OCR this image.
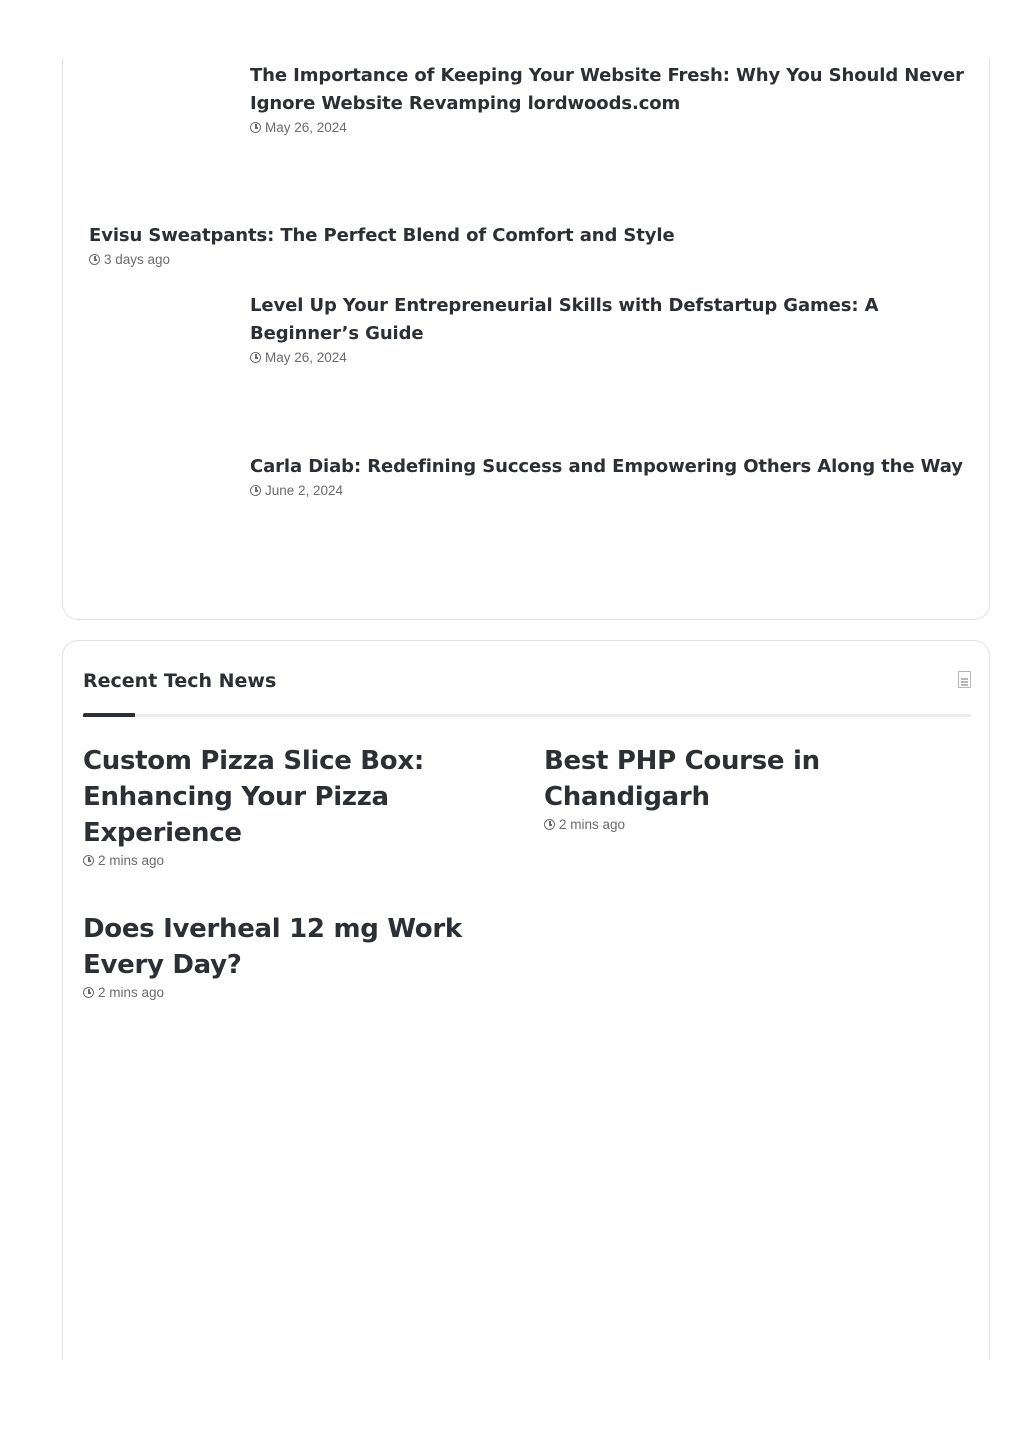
The Importance of Keeping Your Website Fresh: Why You Should Never Ignore Website Revamping lordwoods.com
May 26, 2024
Evisu Sweatpants: The Perfect Blend of Comfort and Style
3 days ago
Level Up Your Entrepreneurial Skills with Defstartup Games: A Beginner’s Guide
May 26, 2024
Carla Diab: Redefining Success and Empowering Others Along the Way
June 2, 2024
Recent Tech News
Custom Pizza Slice Box: Enhancing Your Pizza Experience
2 mins ago
Best PHP Course in Chandigarh
2 mins ago
Does Iverheal 12 mg Work Every Day?
2 mins ago
